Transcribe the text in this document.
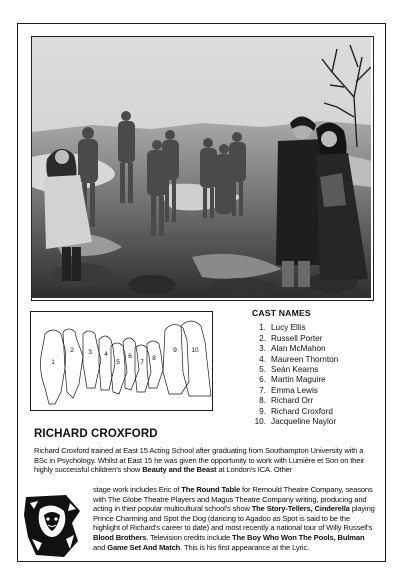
1
2 3 4
5
6
7
8
9 10
CAST NAMES
1. Lucy Ellis
2. Russell Porter
3. Alan McMahon
4. Maureen Thornton
5. Seán Kearns
6. Martin Maguire
7. Emma Lewis
8. Richard Orr
9. Richard Croxford
10. Jacqueline Naylor
RICHARD CROXFORD

Richard Croxford trained at East 15 Acting School after graduating from Southampton University with a BSc in Psychology. Whilst at East 15 he was given the opportunity to work with Lumière et Son on their highly successful children's show Beauty and the Beast at London's ICA. Other

stage work includes Eric of The Round Table for Remould Theatre Company, seasons with The Globe Theatre Players and Magus Theatre Company writing, producing and acting in their popular multicultural school's show The Story-Tellers, Cinderella playing Prince Charming and Spot the Dog (dancing to Agadoo as Spot is said to be the highlight of Richard's career to date) and most recently a national tour of Willy Russell's Blood Brothers. Television credits include The Boy Who Won The Pools, Bulman and Game Set And Match. This is his first appearance at the Lyric.
